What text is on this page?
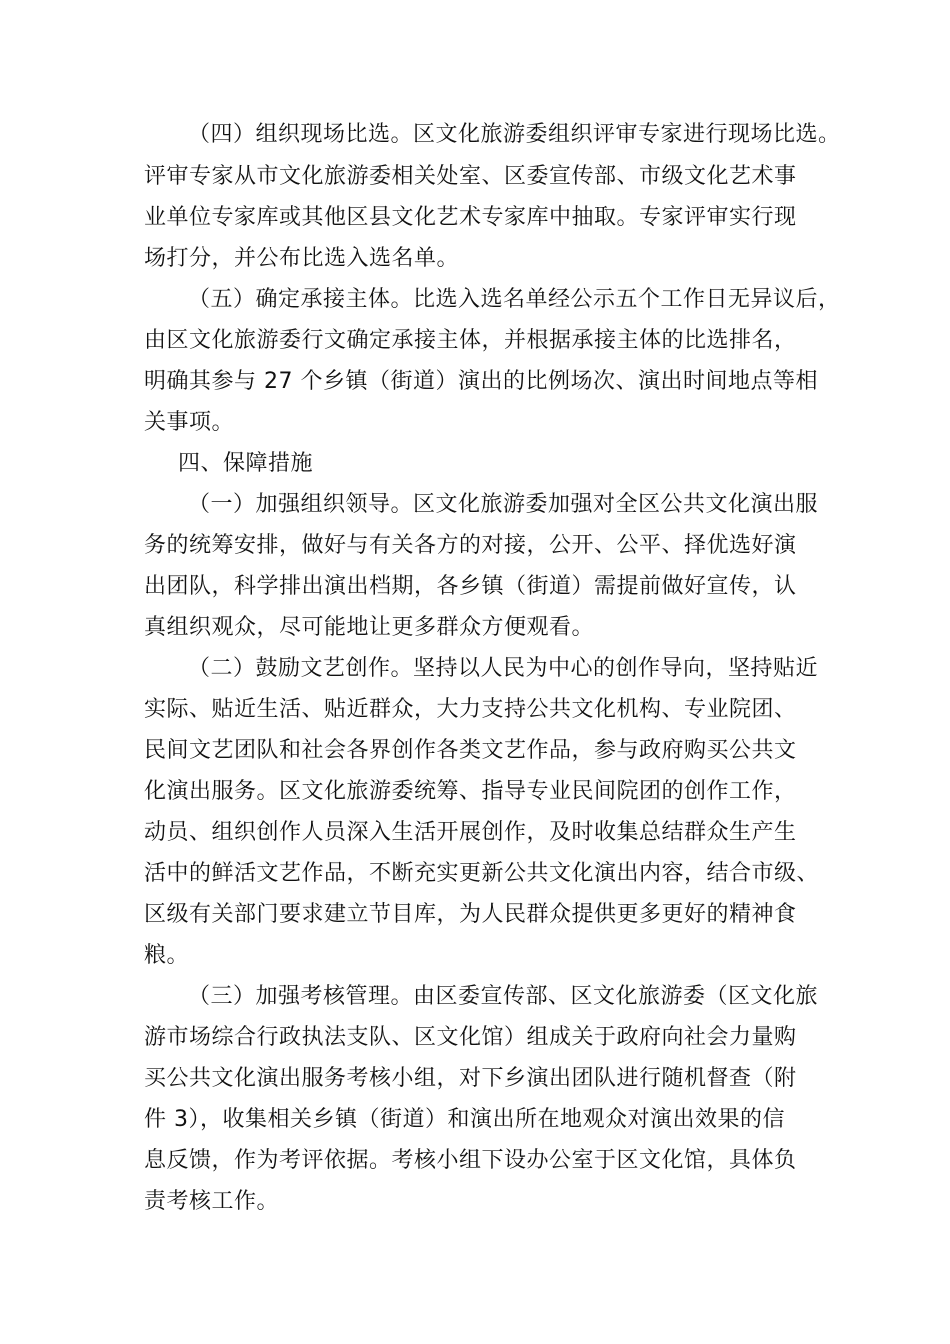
（四）组织现场比选。区文化旅游委组织评审专家进行现场比选。
评审专家从市文化旅游委相关处室、区委宣传部、市级文化艺术事
业单位专家库或其他区县文化艺术专家库中抽取。专家评审实行现
场打分，并公布比选入选名单。
（五）确定承接主体。比选入选名单经公示五个工作日无异议后，
由区文化旅游委行文确定承接主体，并根据承接主体的比选排名，
明确其参与 27 个乡镇（街道）演出的比例场次、演出时间地点等相
关事项。
四、保障措施
（一）加强组织领导。区文化旅游委加强对全区公共文化演出服
务的统筹安排，做好与有关各方的对接，公开、公平、择优选好演
出团队，科学排出演出档期，各乡镇（街道）需提前做好宣传，认
真组织观众，尽可能地让更多群众方便观看。
（二）鼓励文艺创作。坚持以人民为中心的创作导向，坚持贴近
实际、贴近生活、贴近群众，大力支持公共文化机构、专业院团、
民间文艺团队和社会各界创作各类文艺作品，参与政府购买公共文
化演出服务。区文化旅游委统筹、指导专业民间院团的创作工作，
动员、组织创作人员深入生活开展创作，及时收集总结群众生产生
活中的鲜活文艺作品，不断充实更新公共文化演出内容，结合市级、
区级有关部门要求建立节目库，为人民群众提供更多更好的精神食
粮。
（三）加强考核管理。由区委宣传部、区文化旅游委（区文化旅
游市场综合行政执法支队、区文化馆）组成关于政府向社会力量购
买公共文化演出服务考核小组，对下乡演出团队进行随机督查（附
件 3），收集相关乡镇（街道）和演出所在地观众对演出效果的信
息反馈，作为考评依据。考核小组下设办公室于区文化馆，具体负
责考核工作。
